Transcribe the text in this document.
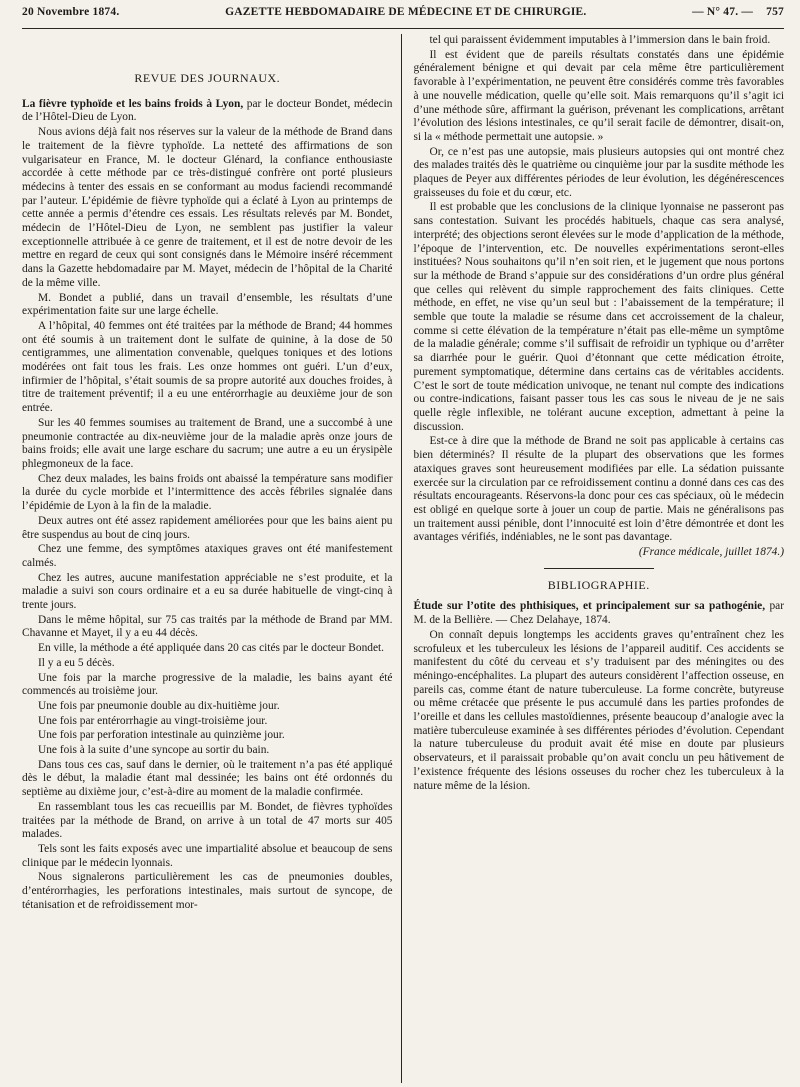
20 Novembre 1874.	GAZETTE HEBDOMADAIRE DE MÉDECINE ET DE CHIRURGIE.	— N° 47. — 757
REVUE DES JOURNAUX.

La fièvre typhoïde et les bains froids à Lyon, par le docteur Bondet, médecin de l’Hôtel-Dieu de Lyon.

Nous avions déjà fait nos réserves sur la valeur de la méthode de Brand dans le traitement de la fièvre typhoïde. La netteté des affirmations de son vulgarisateur en France, M. le docteur Glénard, la confiance enthousiaste accordée à cette méthode par ce très-distingué confrère ont porté plusieurs médecins à tenter des essais en se conformant au modus faciendi recommandé par l’auteur. L’épidémie de fièvre typhoïde qui a éclaté à Lyon au printemps de cette année a permis d’étendre ces essais. Les résultats relevés par M. Bondet, médecin de l’Hôtel-Dieu de Lyon, ne semblent pas justifier la valeur exceptionnelle attribuée à ce genre de traitement, et il est de notre devoir de les mettre en regard de ceux qui sont consignés dans le Mémoire inséré récemment dans la Gazette hebdomadaire par M. Mayet, médecin de l’hôpital de la Charité de la même ville.

M. Bondet a publié, dans un travail d’ensemble, les résultats d’une expérimentation faite sur une large échelle.

A l’hôpital, 40 femmes ont été traitées par la méthode de Brand; 44 hommes ont été soumis à un traitement dont le sulfate de quinine, à la dose de 50 centigrammes, une alimentation convenable, quelques toniques et des lotions modérées ont fait tous les frais. Les onze hommes ont guéri. L’un d’eux, infirmier de l’hôpital, s’était soumis de sa propre autorité aux douches froides, à titre de traitement préventif; il a eu une entérorrhagie au deuxième jour de son entrée.

Sur les 40 femmes soumises au traitement de Brand, une a succombé à une pneumonie contractée au dix-neuvième jour de la maladie après onze jours de bains froids; elle avait une large eschare du sacrum; une autre a eu un érysipèle phlegmoneux de la face.

Chez deux malades, les bains froids ont abaissé la température sans modifier la durée du cycle morbide et l’intermittence des accès fébriles signalée dans l’épidémie de Lyon à la fin de la maladie.

Deux autres ont été assez rapidement améliorées pour que les bains aient pu être suspendus au bout de cinq jours.

Chez une femme, des symptômes ataxiques graves ont été manifestement calmés.

Chez les autres, aucune manifestation appréciable ne s’est produite, et la maladie a suivi son cours ordinaire et a eu sa durée habituelle de vingt-cinq à trente jours.

Dans le même hôpital, sur 75 cas traités par la méthode de Brand par MM. Chavanne et Mayet, il y a eu 44 décès.

En ville, la méthode a été appliquée dans 20 cas cités par le docteur Bondet.

Il y a eu 5 décès.

Une fois par la marche progressive de la maladie, les bains ayant été commencés au troisième jour.

Une fois par pneumonie double au dix-huitième jour.

Une fois par entérorrhagie au vingt-troisième jour.

Une fois par perforation intestinale au quinzième jour.

Une fois à la suite d’une syncope au sortir du bain.

Dans tous ces cas, sauf dans le dernier, où le traitement n’a pas été appliqué dès le début, la maladie étant mal dessinée; les bains ont été ordonnés du septième au dixième jour, c’est-à-dire au moment de la maladie confirmée.

En rassemblant tous les cas recueillis par M. Bondet, de fièvres typhoïdes traitées par la méthode de Brand, on arrive à un total de 47 morts sur 405 malades.

Tels sont les faits exposés avec une impartialité absolue et beaucoup de sens clinique par le médecin lyonnais.

Nous signalerons particulièrement les cas de pneumonies doubles, d’entérorrhagies, les perforations intestinales, mais surtout de syncope, de tétanisation et de refroidissement mor-

tel qui paraissent évidemment imputables à l’immersion dans le bain froid.

Il est évident que de pareils résultats constatés dans une épidémie généralement bénigne et qui devait par cela même être particulièrement favorable à l’expérimentation, ne peuvent être considérés comme très favorables à une nouvelle médication, quelle qu’elle soit. Mais remarquons qu’il s’agit ici d’une méthode sûre, affirmant la guérison, prévenant les complications, arrêtant l’évolution des lésions intestinales, ce qu’il serait facile de démontrer, disait-on, si la « méthode permettait une autopsie. »

Or, ce n’est pas une autopsie, mais plusieurs autopsies qui ont montré chez des malades traités dès le quatrième ou cinquième jour par la susdite méthode les plaques de Peyer aux différentes périodes de leur évolution, les dégénérescences graisseuses du foie et du cœur, etc.

Il est probable que les conclusions de la clinique lyonnaise ne passeront pas sans contestation. Suivant les procédés habituels, chaque cas sera analysé, interprété; des objections seront élevées sur le mode d’application de la méthode, l’époque de l’intervention, etc. De nouvelles expérimentations seront-elles instituées? Nous souhaitons qu’il n’en soit rien, et le jugement que nous portons sur la méthode de Brand s’appuie sur des considérations d’un ordre plus général que celles qui relèvent du simple rapprochement des faits cliniques. Cette méthode, en effet, ne vise qu’un seul but : l’abaissement de la température; il semble que toute la maladie se résume dans cet accroissement de la chaleur, comme si cette élévation de la température n’était pas elle-même un symptôme de la maladie générale; comme s’il suffisait de refroidir un typhique ou d’arrêter sa diarrhée pour le guérir. Quoi d’étonnant que cette médication étroite, purement symptomatique, détermine dans certains cas de véritables accidents. C’est le sort de toute médication univoque, ne tenant nul compte des indications ou contre-indications, faisant passer tous les cas sous le niveau de je ne sais quelle règle inflexible, ne tolérant aucune exception, admettant à peine la discussion.

Est-ce à dire que la méthode de Brand ne soit pas applicable à certains cas bien déterminés? Il résulte de la plupart des observations que les formes ataxiques graves sont heureusement modifiées par elle. La sédation puissante exercée sur la circulation par ce refroidissement continu a donné dans ces cas des résultats encourageants. Réservons-la donc pour ces cas spéciaux, où le médecin est obligé en quelque sorte à jouer un coup de partie. Mais ne généralisons pas un traitement aussi pénible, dont l’innocuité est loin d’être démontrée et dont les avantages vérifiés, indéniables, ne le sont pas davantage.

(France médicale, juillet 1874.)

BIBLIOGRAPHIE.

Étude sur l’otite des phthisiques, et principalement sur sa pathogénie, par M. de la Bellière. — Chez Delahaye, 1874.

On connaît depuis longtemps les accidents graves qu’entraînent chez les scrofuleux et les tuberculeux les lésions de l’appareil auditif. Ces accidents se manifestent du côté du cerveau et s’y traduisent par des méningites ou des méningo-encéphalites. La plupart des auteurs considèrent l’affection osseuse, en pareils cas, comme étant de nature tuberculeuse. La forme concrète, butyreuse ou même crétacée que présente le pus accumulé dans les parties profondes de l’oreille et dans les cellules mastoïdiennes, présente beaucoup d’analogie avec la matière tuberculeuse examinée à ses différentes périodes d’évolution. Cependant la nature tuberculeuse du produit avait été mise en doute par plusieurs observateurs, et il paraissait probable qu’on avait conclu un peu hâtivement de l’existence fréquente des lésions osseuses du rocher chez les tuberculeux à la nature même de la lésion.
